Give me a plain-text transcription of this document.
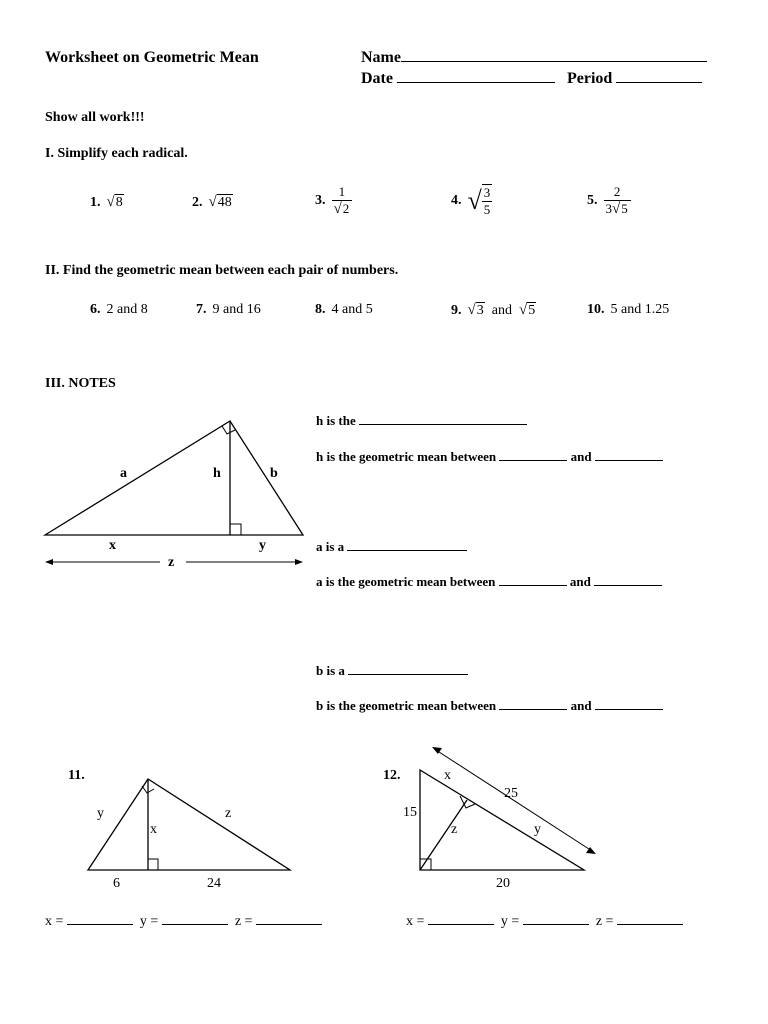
Worksheet on Geometric Mean	Name
Date	Period
Show all work!!!
I. Simplify each radical.
1. √8	2. √48	3. $\frac{1}{√2}$	4. √ $\frac{3}{5}$	5. $\frac{2}{3√5}$
II. Find the geometric mean between each pair of numbers.
6. 2 and 8	7. 9 and 16	8. 4 and 5	9. √3 and √5	10. 5 and 1.25
III. NOTES
a	h	b
x	y
z
h is the
h is the geometric mean between	and
a is a
a is the geometric mean between	and
b is a
b is the geometric mean between	and
11.
y
x
z
6	24
x =	y =	z =
12.	x
25
15
z	y
20
x =	y =	z =
